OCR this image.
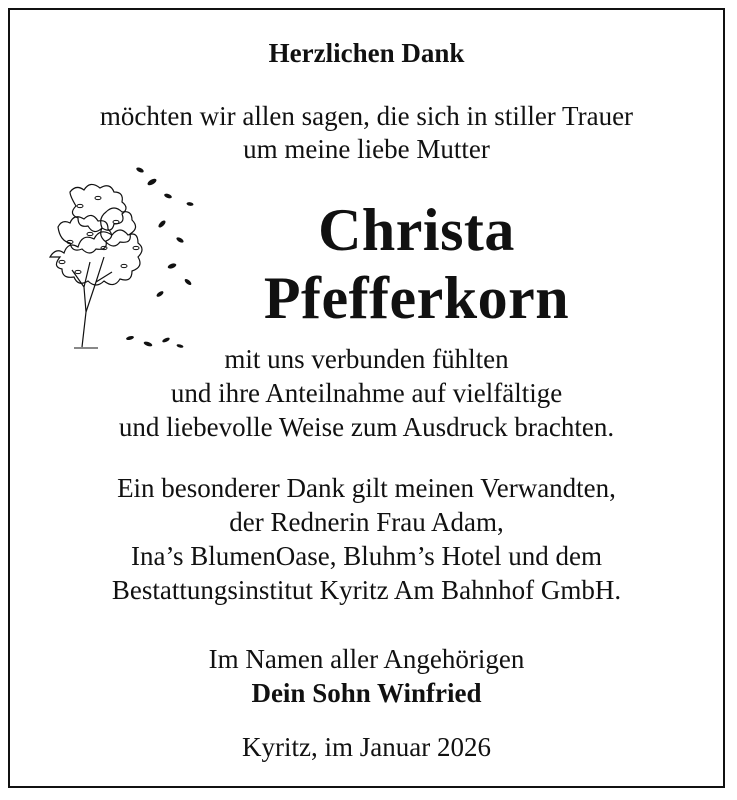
Herzlichen Dank
möchten wir allen sagen, die sich in stiller Trauer
um meine liebe Mutter
Christa
Pfefferkorn
mit uns verbunden fühlten
und ihre Anteilnahme auf vielfältige
und liebevolle Weise zum Ausdruck brachten.
Ein besonderer Dank gilt meinen Verwandten,
der Rednerin Frau Adam,
Ina’s BlumenOase, Bluhm’s Hotel und dem
Bestattungsinstitut Kyritz Am Bahnhof GmbH.
Im Namen aller Angehörigen
Dein Sohn Winfried
Kyritz, im Januar 2026
